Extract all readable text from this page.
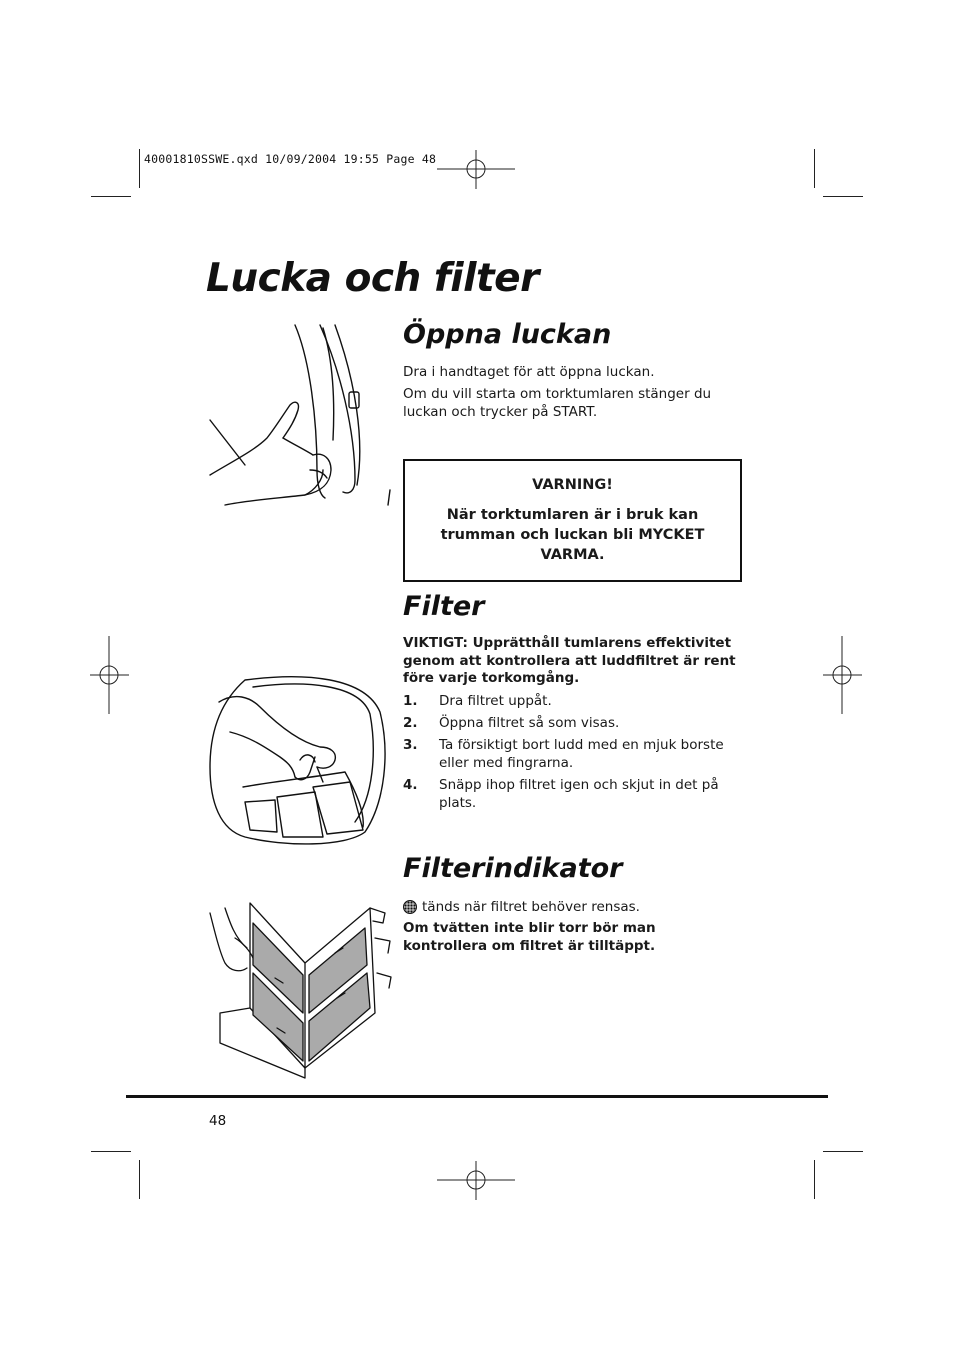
40001810SSWE.qxd 10/09/2004 19:55 Page 48
Lucka och filter
Öppna luckan
Dra i handtaget för att öppna luckan.
Om du vill starta om torktumlaren stänger du luckan och trycker på START.
VARNING!
När torktumlaren är i bruk kan trumman och luckan bli MYCKET VARMA.
Filter
VIKTIGT: Upprätthåll tumlarens effektivitet genom att kontrollera att luddfiltret är rent före varje torkomgång.
1.	Dra filtret uppåt.
2.	Öppna filtret så som visas.
3.	Ta försiktigt bort ludd med en mjuk borste eller med fingrarna.
4.	Snäpp ihop filtret igen och skjut in det på plats.
Filterindikator
tänds när filtret behöver rensas.
Om tvätten inte blir torr bör man kontrollera om filtret är tilltäppt.
48
